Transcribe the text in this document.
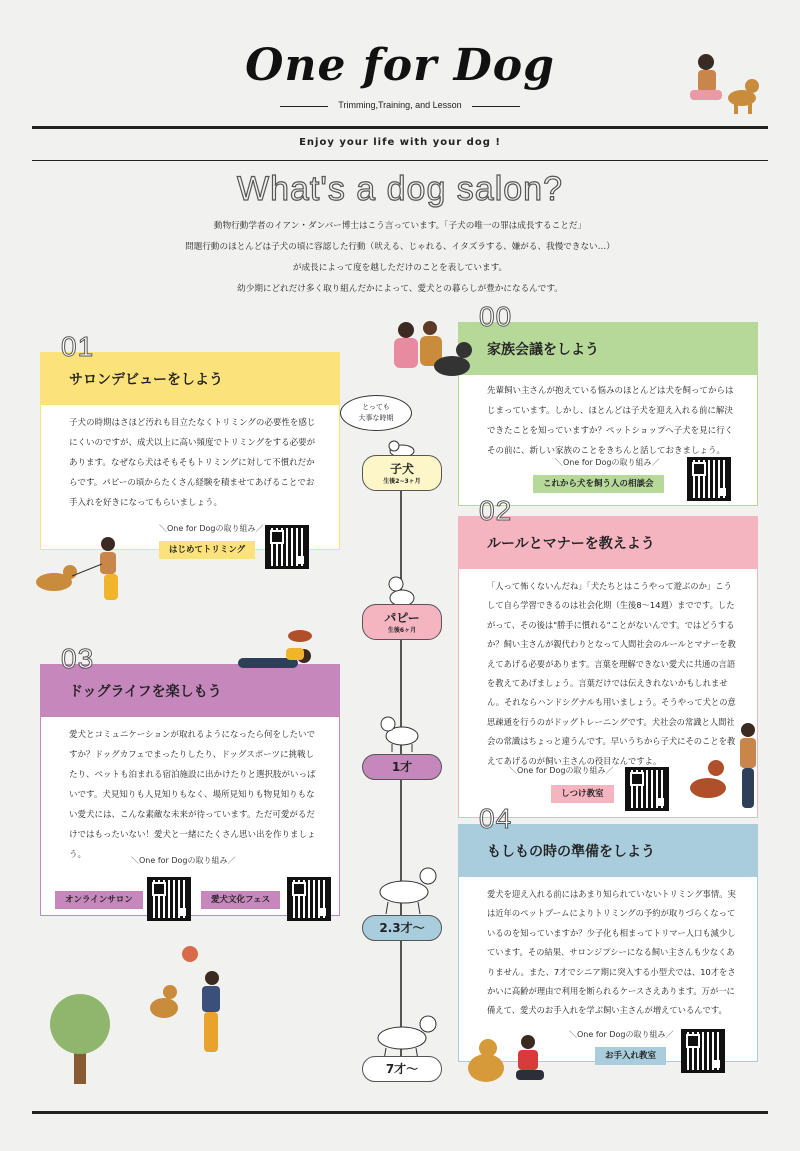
One for Dog
Trimming,Training, and Lesson
Enjoy your life with your dog !
What's a dog salon?
動物行動学者のイアン・ダンバー博士はこう言っています。「子犬の唯一の罪は成長することだ」
問題行動のほとんどは子犬の頃に容認した行動（吠える、じゃれる、イタズラする、嫌がる、我慢できない…）
が成長によって度を越しただけのことを表しています。
幼少期にどれだけ多く取り組んだかによって、愛犬との暮らしが豊かになるんです。
とっても
大事な時期
子犬
生後2~3ヶ月
パピー
生後6ヶ月
1才
2.3才〜
7才〜
00
家族会議をしよう
先輩飼い主さんが抱えている悩みのほとんどは犬を飼ってからはじまっています。しかし、ほとんどは子犬を迎え入れる前に解決できたことを知っていますか？ペットショップへ子犬を見に行くその前に、新しい家族のことをきちんと話しておきましょう。
＼One for Dogの取り組み／
これから犬を飼う人の相談会
01
サロンデビューをしよう
子犬の時期はさほど汚れも目立たなくトリミングの必要性を感じにくいのですが、成犬以上に高い頻度でトリミングをする必要があります。なぜなら犬はそもそもトリミングに対して不慣れだからです。パピーの頃からたくさん経験を積ませてあげることでお手入れを好きになってもらいましょう。
＼One for Dogの取り組み／
はじめてトリミング
02
ルールとマナーを教えよう
「人って怖くないんだね」「犬たちとはこうやって遊ぶのか」こうして自ら学習できるのは社会化期（生後8〜14週）までです。したがって、その後は"勝手に慣れる"ことがないんです。ではどうするか？飼い主さんが親代わりとなって人間社会のルールとマナーを教えてあげる必要があります。言葉を理解できない愛犬に共通の言語を教えてあげましょう。言葉だけでは伝えきれないかもしれません。それならハンドシグナルも用いましょう。そうやって犬との意思疎通を行うのがドッグトレーニングです。犬社会の常識と人間社会の常識はちょっと違うんです。早いうちから子犬にそのことを教えてあげるのが飼い主さんの役目なんですよ。
＼One for Dogの取り組み／
しつけ教室
03
ドッグライフを楽しもう
愛犬とコミュニケーションが取れるようになったら何をしたいですか？ドッグカフェでまったりしたり、ドッグスポーツに挑戦したり、ペットも泊まれる宿泊施設に出かけたりと選択肢がいっぱいです。犬見知りも人見知りもなく、場所見知りも物見知りもない愛犬には、こんな素敵な未来が待っています。ただ可愛がるだけではもったいない！愛犬と一緒にたくさん思い出を作りましょう。
＼One for Dogの取り組み／
オンラインサロン	愛犬文化フェス
04
もしもの時の準備をしよう
愛犬を迎え入れる前にはあまり知られていないトリミング事情。実は近年のペットブームによりトリミングの予約が取りづらくなっているのを知っていますか？少子化も相まってトリマー人口も減少しています。その結果、サロンジプシーになる飼い主さんも少なくありません。また、7才でシニア期に突入する小型犬では、10才をさかいに高齢が理由で利用を断られるケースさえあります。万が一に備えて、愛犬のお手入れを学ぶ飼い主さんが増えているんです。
＼One for Dogの取り組み／
お手入れ教室
